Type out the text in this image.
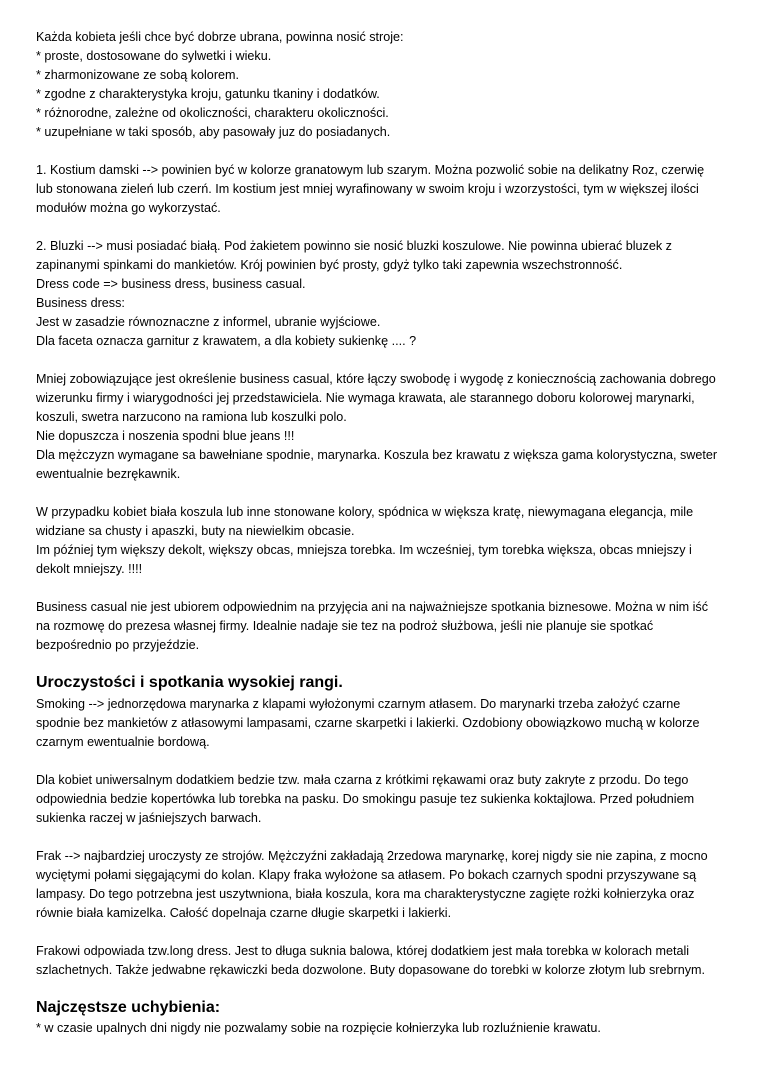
Każda kobieta jeśli chce być dobrze ubrana, powinna nosić stroje:

* proste, dostosowane do sylwetki i wieku.

* zharmonizowane ze sobą kolorem.

* zgodne z charakterystyka kroju, gatunku tkaniny i dodatków.

* różnorodne, zależne od okoliczności, charakteru okoliczności.

* uzupełniane w taki sposób, aby pasowały juz do posiadanych.

1. Kostium damski --> powinien być w kolorze granatowym lub szarym. Można pozwolić sobie na delikatny Roz, czerwię

lub stonowana zieleń lub czerń. Im kostium jest mniej wyrafinowany w swoim kroju i wzorzystości, tym w większej ilości

modułów można go wykorzystać.

2. Bluzki --> musi posiadać białą. Pod żakietem powinno sie nosić bluzki koszulowe. Nie powinna ubierać bluzek z

zapinanymi spinkami do mankietów. Krój powinien być prosty, gdyż tylko taki zapewnia wszechstronność.

Dress code => business dress, business casual.

Business dress:

Jest w zasadzie równoznaczne z informel, ubranie wyjściowe.

Dla faceta oznacza garnitur z krawatem, a dla kobiety sukienkę .... ?

Mniej zobowiązujące jest określenie business casual, które łączy swobodę i wygodę z koniecznością zachowania dobrego

wizerunku firmy i wiarygodności jej przedstawiciela. Nie wymaga krawata, ale starannego doboru kolorowej marynarki,

koszuli, swetra narzucono na ramiona lub koszulki polo.

Nie dopuszcza i noszenia spodni blue jeans !!!

Dla mężczyzn wymagane sa bawełniane spodnie, marynarka. Koszula bez krawatu z większa gama kolorystyczna, sweter

ewentualnie bezrękawnik.

W przypadku kobiet biała koszula lub inne stonowane kolory, spódnica w większa kratę, niewymagana elegancja, mile

widziane sa chusty i apaszki, buty na niewielkim obcasie.

Im później tym większy dekolt, większy obcas, mniejsza torebka. Im wcześniej, tym torebka większa, obcas mniejszy i

dekolt mniejszy. !!!!

Business casual nie jest ubiorem odpowiednim na przyjęcia ani na najważniejsze spotkania biznesowe. Można w nim iść

na rozmowę do prezesa własnej firmy. Idealnie nadaje sie tez na podroż służbowa, jeśli nie planuje sie spotkać

bezpośrednio po przyjeździe.

Uroczystości i spotkania wysokiej rangi.

Smoking --> jednorzędowa marynarka z klapami wyłożonymi czarnym atłasem. Do marynarki trzeba założyć czarne

spodnie bez mankietów z atłasowymi lampasami, czarne skarpetki i lakierki. Ozdobiony obowiązkowo muchą w kolorze

czarnym ewentualnie bordową.

Dla kobiet uniwersalnym dodatkiem bedzie tzw. mała czarna z krótkimi rękawami oraz buty zakryte z przodu. Do tego

odpowiednia bedzie kopertówka lub torebka na pasku. Do smokingu pasuje tez sukienka koktajlowa. Przed południem

sukienka raczej w jaśniejszych barwach.

Frak --> najbardziej uroczysty ze strojów. Mężczyźni zakładają 2rzedowa marynarkę, korej nigdy sie nie zapina, z mocno

wyciętymi połami sięgającymi do kolan. Klapy fraka wyłożone sa atłasem. Po bokach czarnych spodni przyszywane są

lampasy. Do tego potrzebna jest uszytwniona, biała koszula, kora ma charakterystyczne zagięte rożki kołnierzyka oraz

równie biała kamizelka. Całość dopelnaja czarne długie skarpetki i lakierki.

Frakowi odpowiada tzw.long dress. Jest to długa suknia balowa, której dodatkiem jest mała torebka w kolorach metali

szlachetnych. Także jedwabne rękawiczki beda dozwolone. Buty dopasowane do torebki w kolorze złotym lub srebrnym.

Najczęstsze uchybienia:

* w czasie upalnych dni nigdy nie pozwalamy sobie na rozpięcie kołnierzyka lub rozluźnienie krawatu.
